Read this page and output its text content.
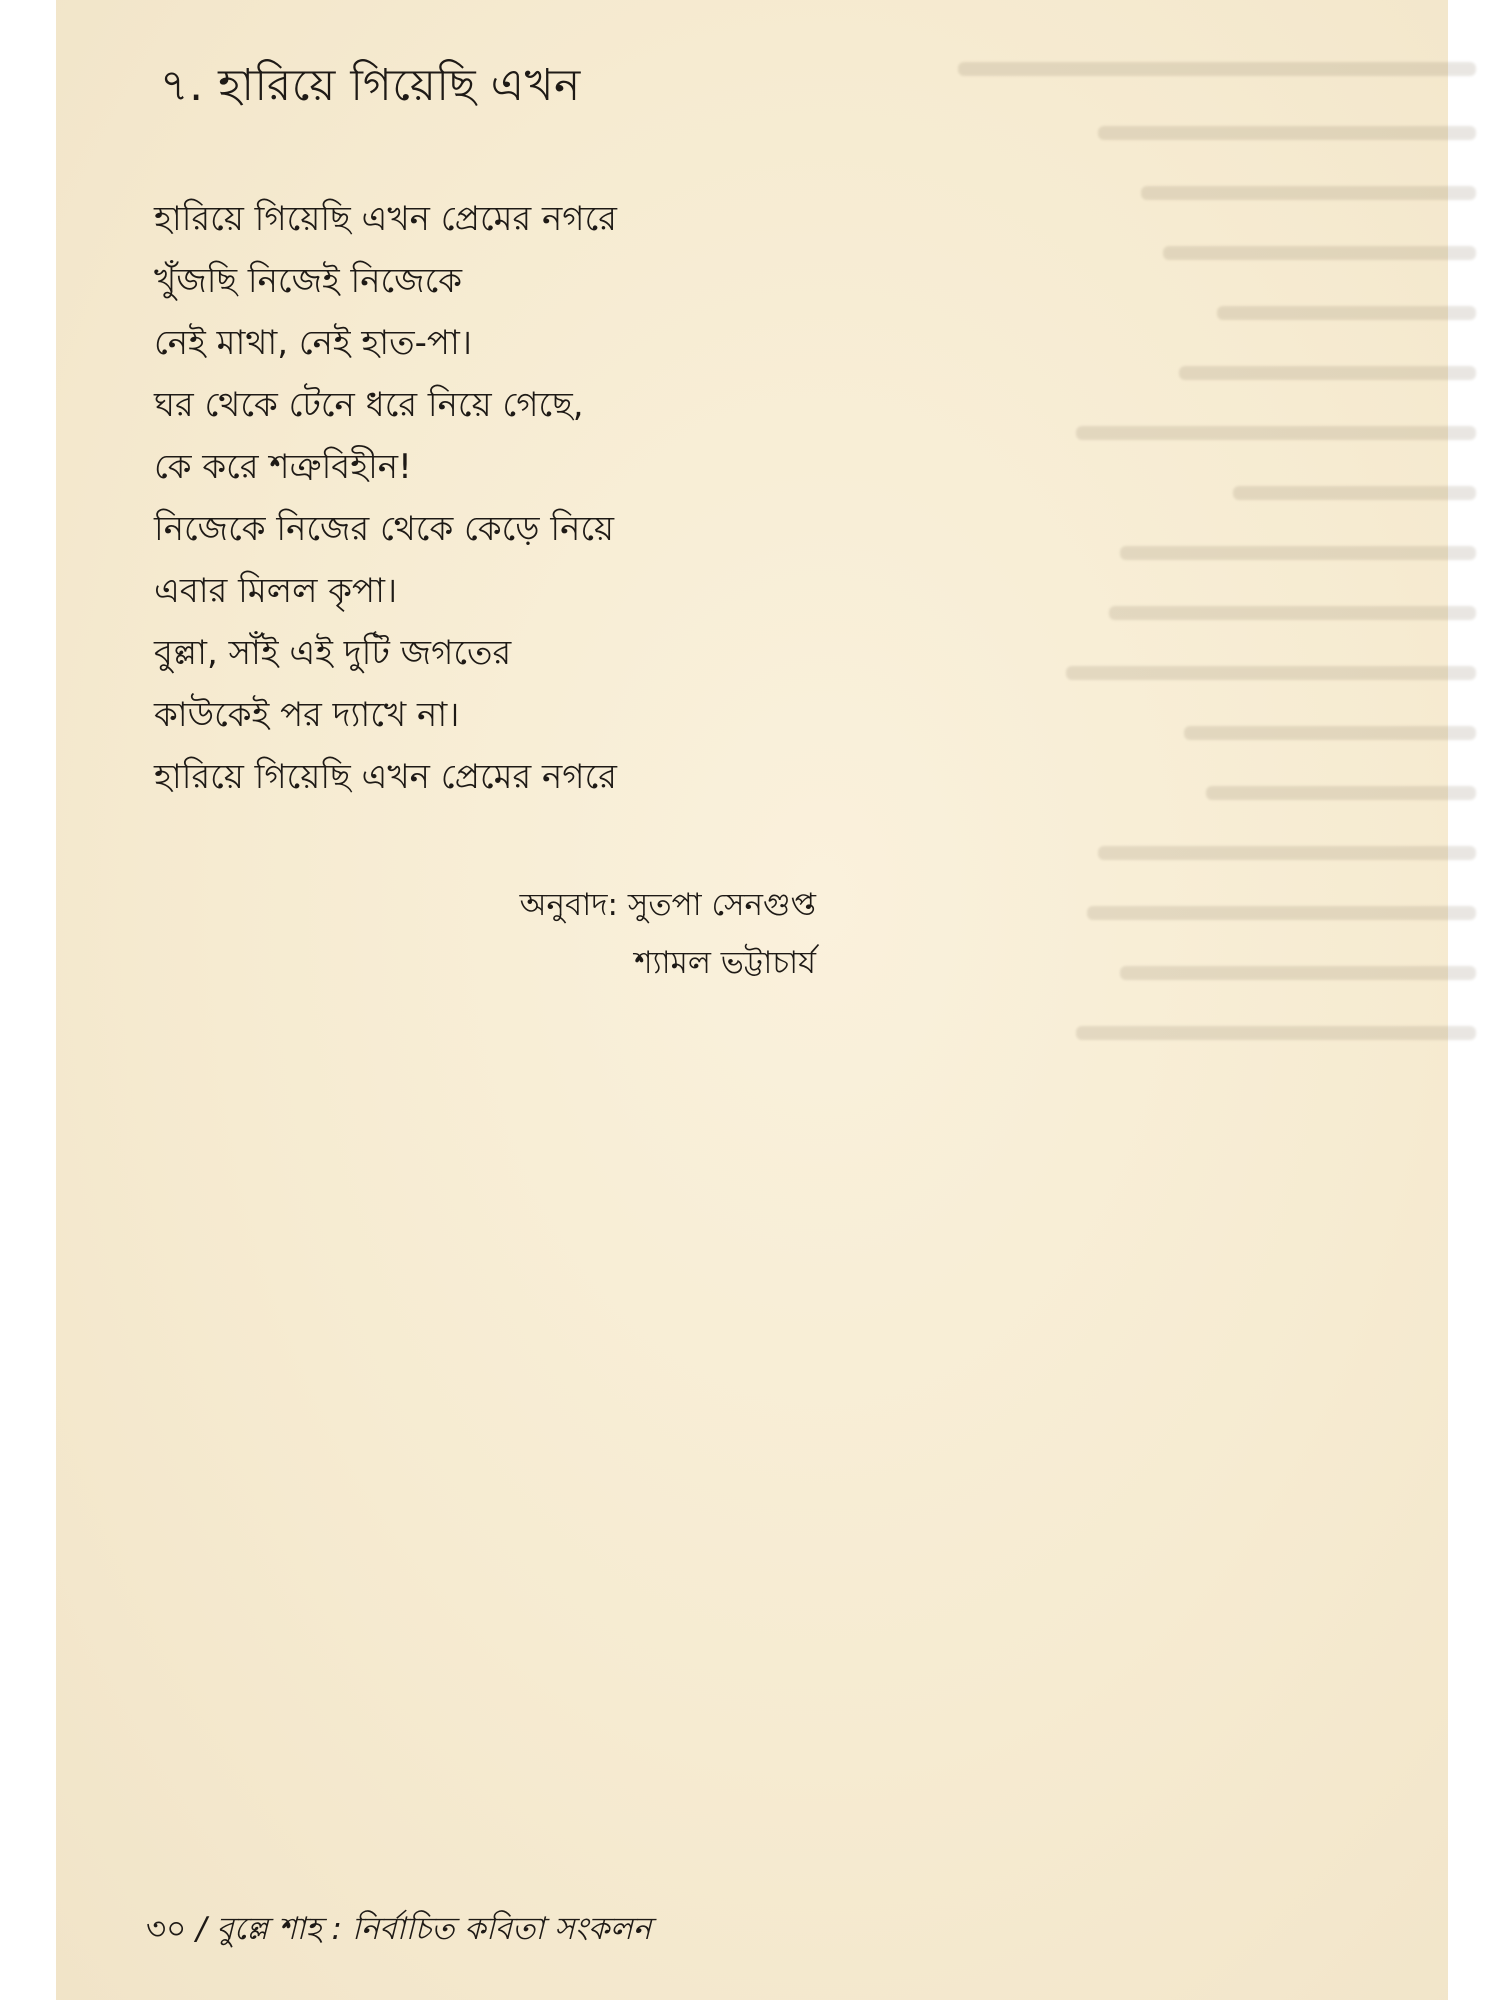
৭. হারিয়ে গিয়েছি এখন
হারিয়ে গিয়েছি এখন প্রেমের নগরে
খুঁজছি নিজেই নিজেকে
নেই মাথা, নেই হাত-পা।
ঘর থেকে টেনে ধরে নিয়ে গেছে,
কে করে শত্রুবিহীন!
নিজেকে নিজের থেকে কেড়ে নিয়ে
এবার মিলল কৃপা।
বুল্লা, সাঁই এই দুটি জগতের
কাউকেই পর দ্যাখে না।
হারিয়ে গিয়েছি এখন প্রেমের নগরে
অনুবাদ: সুতপা সেনগুপ্ত
শ্যামল ভট্টাচার্য
৩০ / বুল্লে শাহ : নির্বাচিত কবিতা সংকলন
